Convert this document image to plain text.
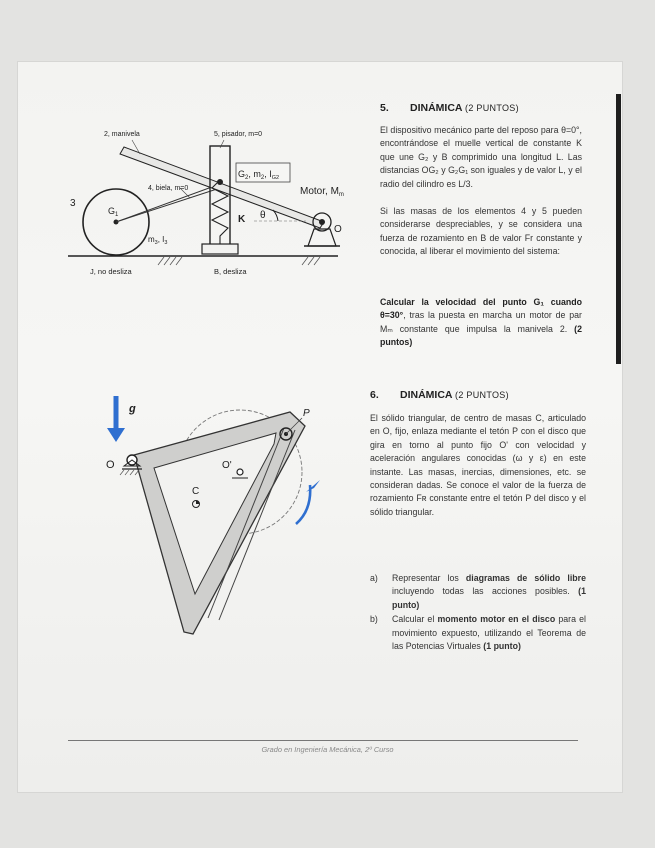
2, manivela	5, pisador, m=0
4, biela, m=0
3
$G_1$
$G_2$, $m_2$, $I_{G2}$
Motor, $M_m$
K θ
O
$m_3$, $I_3$
J, no desliza	B, desliza
5. DINÁMICA (2 PUNTOS)

El dispositivo mecánico parte del reposo para θ=0°, encontrándose el muelle vertical de constante K que une G₂ y B comprimido una longitud L. Las distancias OG₂ y G₂G₁ son iguales y de valor L, y el radio del cilindro es L/3.

Si las masas de los elementos 4 y 5 pueden considerarse despreciables, y se considera una fuerza de rozamiento en B de valor Fr constante y conocida, al liberar el movimiento del sistema:

Calcular la velocidad del punto G₁ cuando θ=30°, tras la puesta en marcha un motor de par Mₘ constante que impulsa la manivela 2. (2 puntos)

g	P
O	O'
C
6. DINÁMICA (2 PUNTOS)

El sólido triangular, de centro de masas C, articulado en O, fijo, enlaza mediante el tetón P con el disco que gira en torno al punto fijo O' con velocidad y aceleración angulares conocidas (ω y ε) en este instante. Las masas, inercias, dimensiones, etc. se consideran dadas. Se conoce el valor de la fuerza de rozamiento Fʀ constante entre el tetón P del disco y el sólido triangular.

a) Representar los diagramas de sólido libre incluyendo todas las acciones posibles. (1 punto)
b) Calcular el momento motor en el disco para el movimiento expuesto, utilizando el Teorema de las Potencias Virtuales (1 punto)
Grado en Ingeniería Mecánica, 2º Curso
